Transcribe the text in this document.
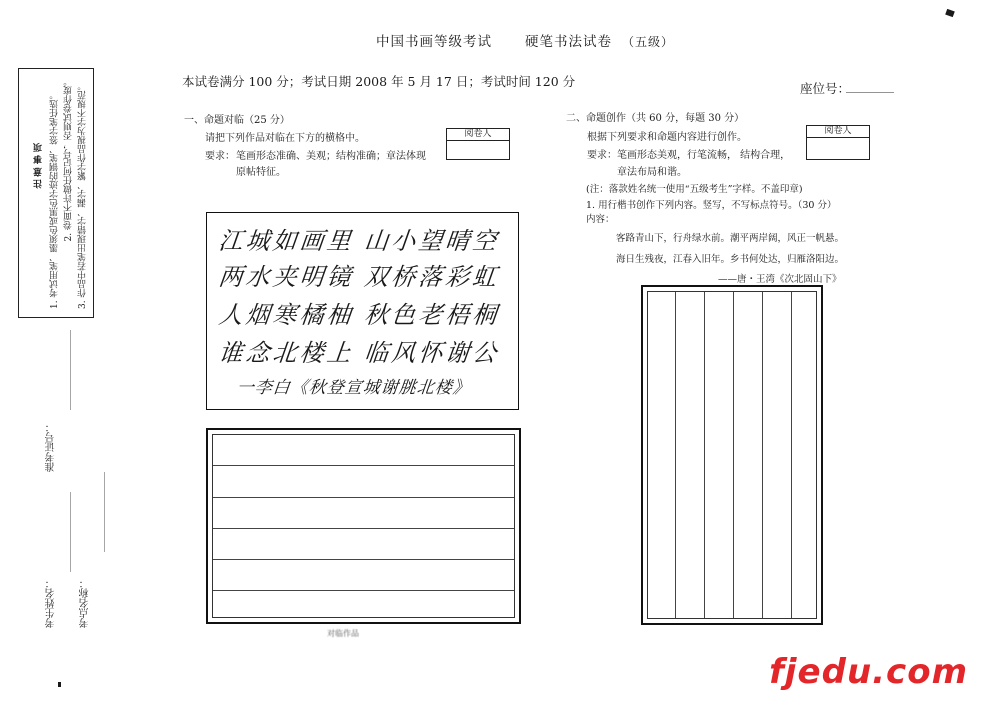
中国书画等级考试 硬笔书法试卷 （五级）
本试卷满分 100 分；考试日期 2008 年 5 月 17 日；考试时间 120 分	座位号：
________
注 意 事 项 1. 考试用笔、墨须色或黑色字迹的钢笔、签字笔任选。 2. 卷面不许做任何记号，否则试卷作废。 3. 作品中若笔出现错字、漏字、繁字作品视为字不规范。
准考证号：
________________
考生姓名：
________________
考点名称：
________________
一、命题对临（25 分）
请把下列作品对临在下方的横格中。
要求： 笔画形态准确、美观；结构准确；章法体现
原帖特征。
阅卷人
江城如画里 山小望晴空
两水夹明镜 双桥落彩虹
人烟寒橘柚 秋色老梧桐
谁念北楼上 临风怀谢公
一李白《秋登宣城谢朓北楼》
对临作品
二、命题创作（共 60 分，每题 30 分）
根据下列要求和命题内容进行创作。
要求： 笔画形态美观，行笔流畅， 结构合理，
章法布局和谐。
阅卷人
(注：落款姓名统一使用“五级考生”字样。不盖印章)
1. 用行楷书创作下列内容。竖写，不写标点符号。（30 分）
内容：
客路青山下，行舟绿水前。潮平两岸阔，风正一帆悬。
海日生残夜，江春入旧年。乡书何处达，归雁洛阳边。
——唐・王湾《次北固山下》
fjedu.com
